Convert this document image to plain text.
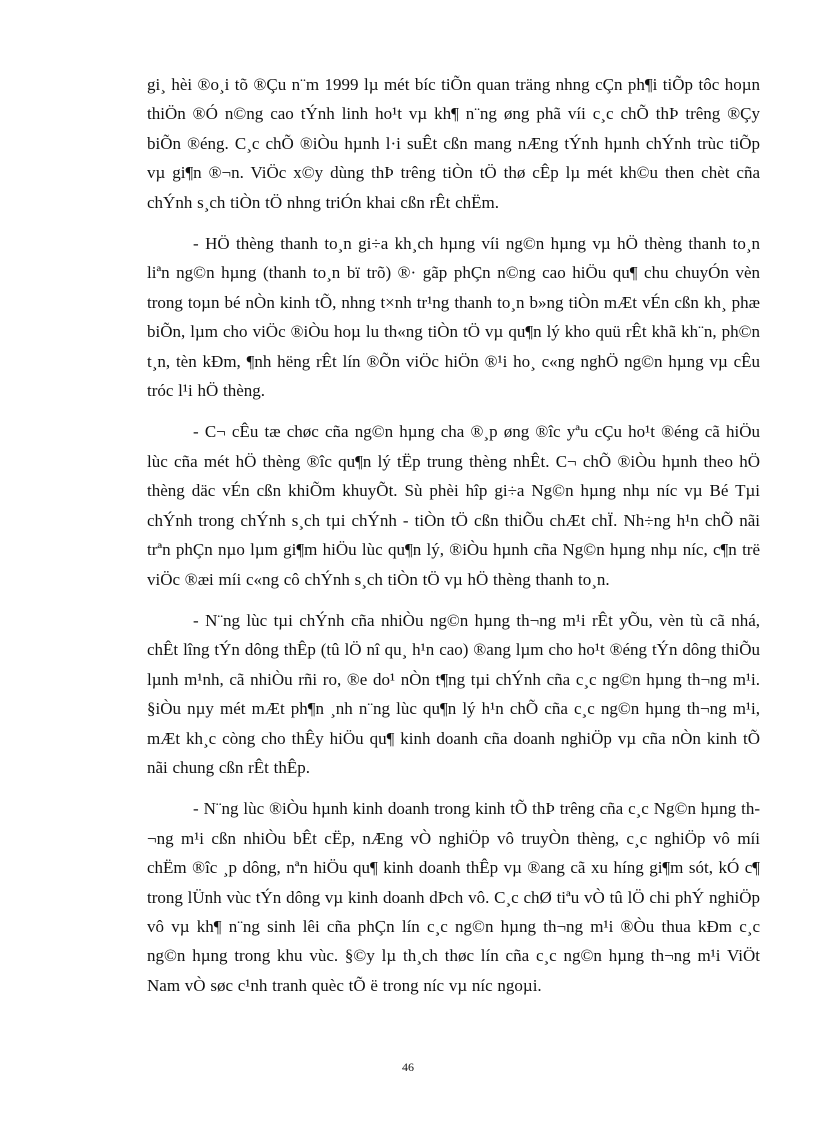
gi¸ hèi ®o¸i tõ ®Çu n¨m 1999 lµ mét bíc tiÕn quan träng nhng cÇn ph¶i tiÕp tôc hoµn thiÖn ®Ó n©ng cao tÝnh linh ho¹t vµ kh¶ n¨ng øng phã víi c¸c chÕ thÞ trêng ®Çy biÕn ®éng. C¸c chÕ ®iÒu hµnh l·i suÊt cßn mang nÆng tÝnh hµnh chÝnh trùc tiÕp vµ gi¶n ®¬n. ViÖc x©y dùng thÞ trêng tiÒn tÖ thø cÊp lµ mét kh©u then chèt cña chÝnh s¸ch tiÒn tÖ nhng triÓn khai cßn rÊt chËm.

- HÖ thèng thanh to¸n gi÷a kh¸ch hµng víi ng©n hµng vµ hÖ thèng thanh to¸n liªn ng©n hµng (thanh to¸n bï trõ) ®· gãp phÇn n©ng cao hiÖu qu¶ chu chuyÓn vèn trong toµn bé nÒn kinh tÕ, nhng t×nh tr¹ng thanh to¸n b»ng tiÒn mÆt vÉn cßn kh¸ phæ biÕn, lµm cho viÖc ®iÒu hoµ lu th«ng tiÒn tÖ vµ qu¶n lý kho quü rÊt khã kh¨n, ph©n t¸n, tèn kÐm, ¶nh hëng rÊt lín ®Õn viÖc hiÖn ®¹i ho¸ c«ng nghÖ ng©n hµng vµ cÊu tróc l¹i hÖ thèng.

- C¬ cÊu tæ chøc cña ng©n hµng cha ®¸p øng ®îc yªu cÇu ho¹t ®éng cã hiÖu lùc cña mét hÖ thèng ®îc qu¶n lý tËp trung thèng nhÊt. C¬ chÕ ®iÒu hµnh theo hÖ thèng däc vÉn cßn khiÕm khuyÕt. Sù phèi hîp gi÷a Ng©n hµng nhµ níc vµ Bé Tµi chÝnh trong chÝnh s¸ch tµi chÝnh - tiÒn tÖ cßn thiÕu chÆt chÏ. Nh÷ng h¹n chÕ nãi trªn phÇn nµo lµm gi¶m hiÖu lùc qu¶n lý, ®iÒu hµnh cña Ng©n hµng nhµ níc, c¶n trë viÖc ®æi míi c«ng cô chÝnh s¸ch tiÒn tÖ vµ hÖ thèng thanh to¸n.

- N¨ng lùc tµi chÝnh cña nhiÒu ng©n hµng th¬ng m¹i rÊt yÕu, vèn tù cã nhá, chÊt lîng tÝn dông thÊp (tû lÖ nî qu¸ h¹n cao) ®ang lµm cho ho¹t ®éng tÝn dông thiÕu lµnh m¹nh, cã nhiÒu rñi ro, ®e do¹ nÒn t¶ng tµi chÝnh cña c¸c ng©n hµng th¬ng m¹i. §iÒu nµy mét mÆt ph¶n ¸nh n¨ng lùc qu¶n lý h¹n chÕ cña c¸c ng©n hµng th¬ng m¹i, mÆt kh¸c còng cho thÊy hiÖu qu¶ kinh doanh cña doanh nghiÖp vµ cña nÒn kinh tÕ nãi chung cßn rÊt thÊp.

- N¨ng lùc ®iÒu hµnh kinh doanh trong kinh tÕ thÞ trêng cña c¸c Ng©n hµng th¬ng m¹i cßn nhiÒu bÊt cËp, nÆng vÒ nghiÖp vô truyÒn thèng, c¸c nghiÖp vô míi chËm ®îc ¸p dông, nªn hiÖu qu¶ kinh doanh thÊp vµ ®ang cã xu híng gi¶m sót, kÓ c¶ trong lÜnh vùc tÝn dông vµ kinh doanh dÞch vô. C¸c chØ tiªu vÒ tû lÖ chi phÝ nghiÖp vô vµ kh¶ n¨ng sinh lêi cña phÇn lín c¸c ng©n hµng th¬ng m¹i ®Òu thua kÐm c¸c ng©n hµng trong khu vùc. §©y lµ th¸ch thøc lín cña c¸c ng©n hµng th¬ng m¹i ViÖt Nam vÒ søc c¹nh tranh quèc tÕ ë trong níc vµ níc ngoµi.

46
